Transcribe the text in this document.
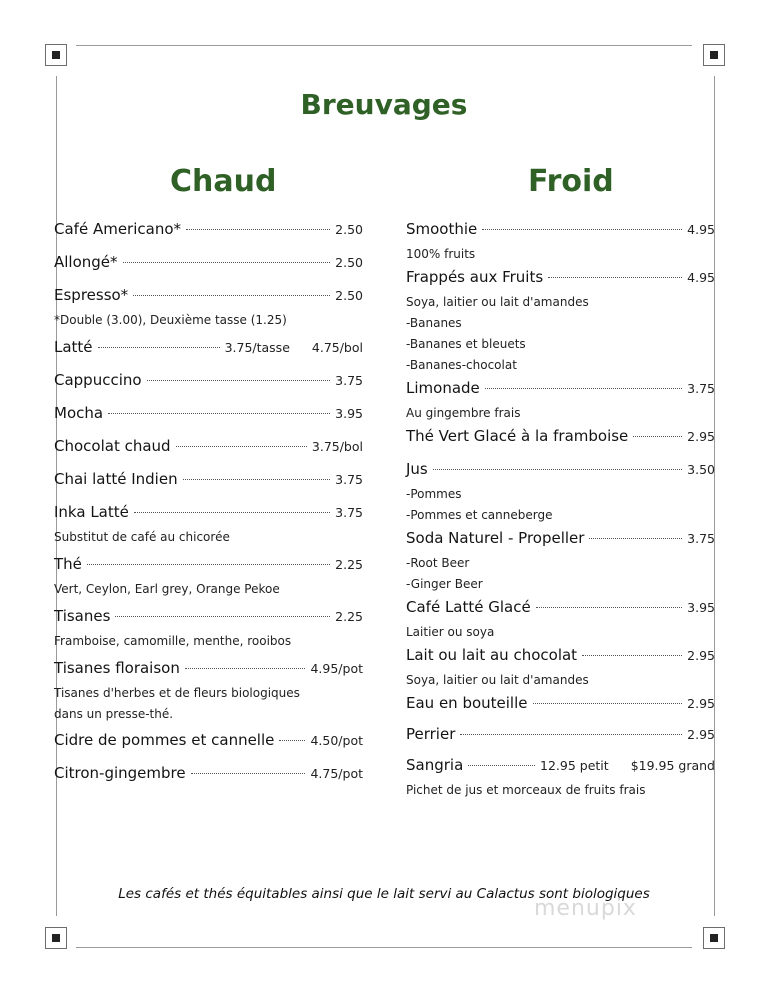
Breuvages
Chaud	Froid
Café Americano*	2.50
Allongé*	2.50
Espresso*	2.50
*Double (3.00), Deuxième tasse (1.25)
Latté	3.75/tasse 4.75/bol
Cappuccino	3.75
Mocha	3.95
Chocolat chaud	3.75/bol
Chai latté Indien	3.75
Inka Latté	3.75
Substitut de café au chicorée
Thé	2.25
Vert, Ceylon, Earl grey, Orange Pekoe
Tisanes	2.25
Framboise, camomille, menthe, rooibos
Tisanes floraison	4.95/pot
Tisanes d'herbes et de fleurs biologiques
dans un presse-thé.
Cidre de pommes et cannelle	4.50/pot
Citron-gingembre	4.75/pot
Smoothie	4.95
100% fruits
Frappés aux Fruits	4.95
Soya, laitier ou lait d'amandes
-Bananes
-Bananes et bleuets
-Bananes-chocolat
Limonade	3.75
Au gingembre frais
Thé Vert Glacé à la framboise	2.95
Jus	3.50
-Pommes
-Pommes et canneberge
Soda Naturel - Propeller	3.75
-Root Beer
-Ginger Beer
Café Latté Glacé	3.95
Laitier ou soya
Lait ou lait au chocolat	2.95
Soya, laitier ou lait d'amandes
Eau en bouteille	2.95
Perrier	2.95
Sangria	12.95 petit $19.95 grand
Pichet de jus et morceaux de fruits frais
Les cafés et thés équitables ainsi que le lait servi au Calactus sont biologiques
menupix
